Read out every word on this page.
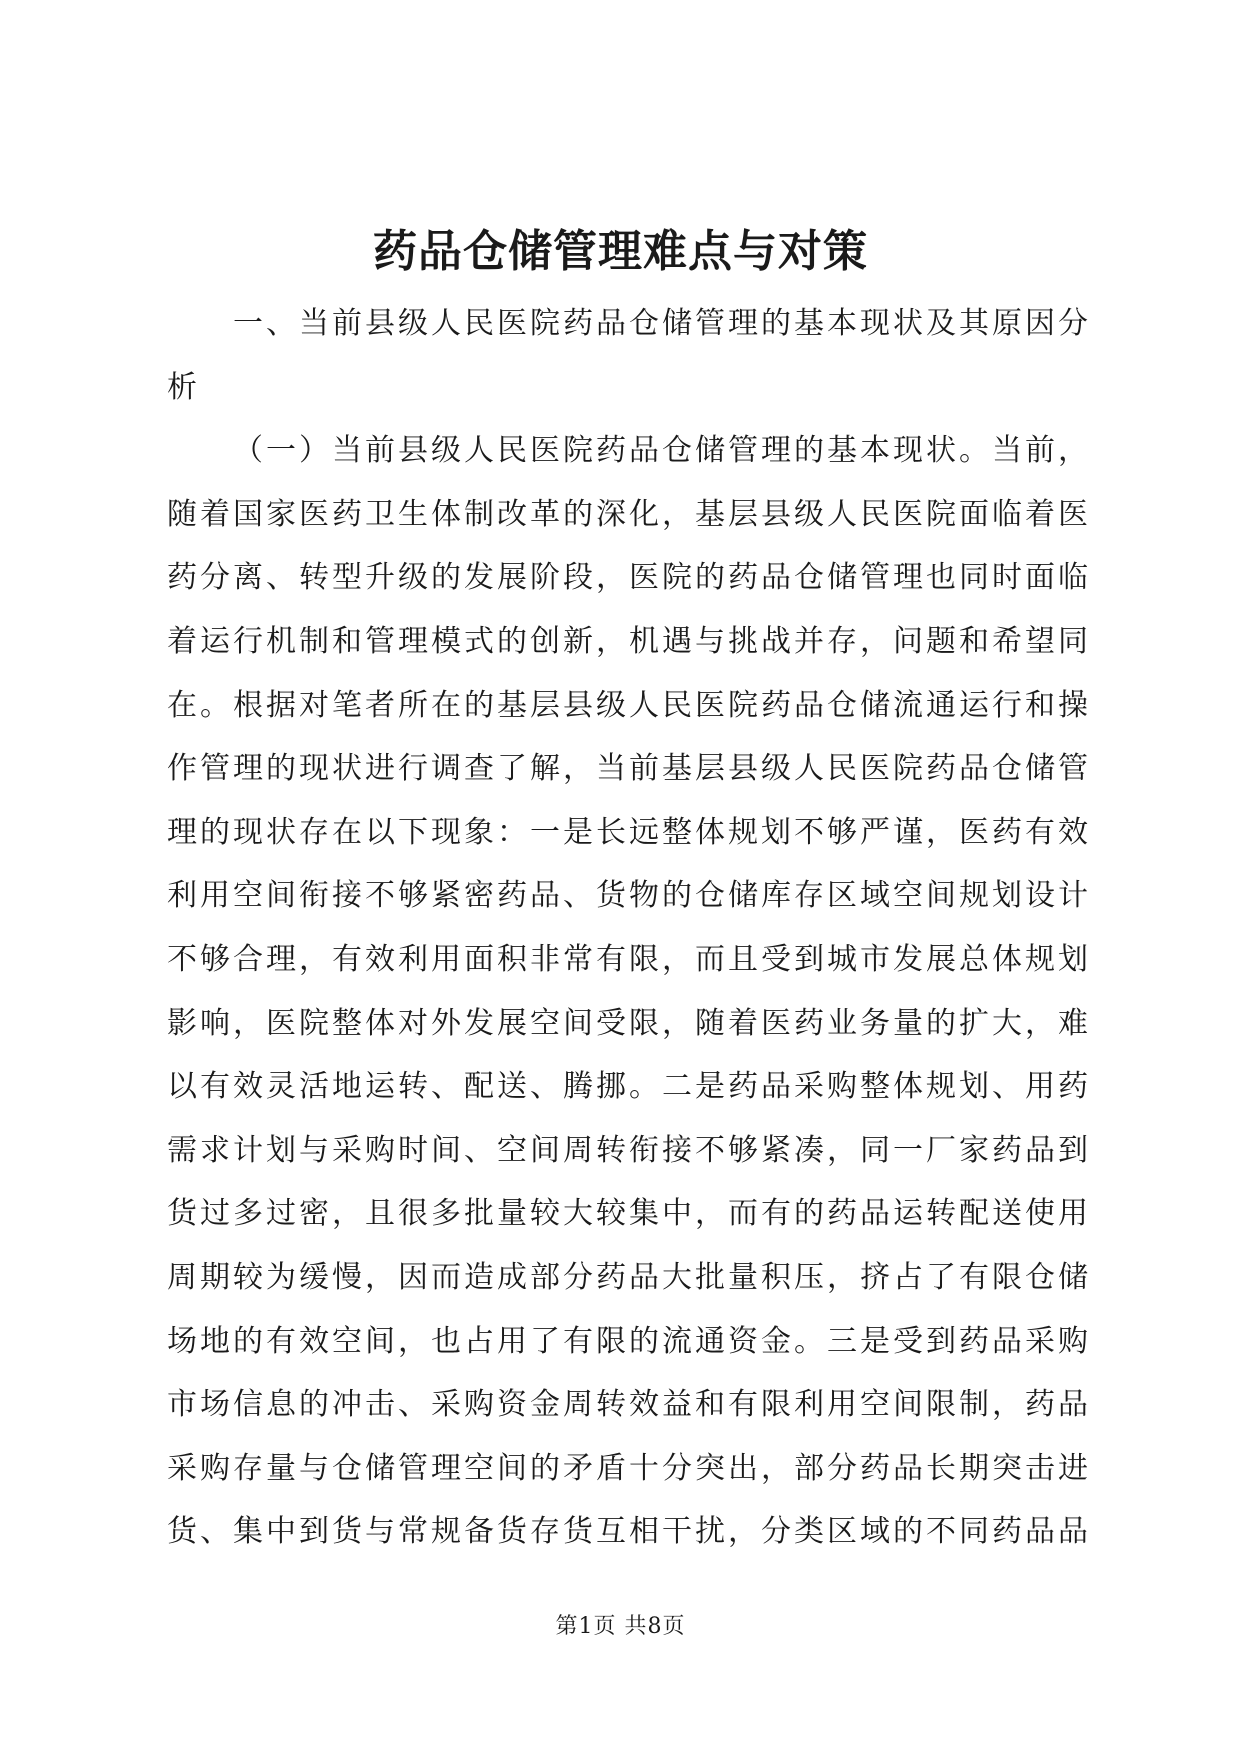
药品仓储管理难点与对策

一、当前县级人民医院药品仓储管理的基本现状及其原因分

析

（一）当前县级人民医院药品仓储管理的基本现状。当前，

随着国家医药卫生体制改革的深化，基层县级人民医院面临着医

药分离、转型升级的发展阶段，医院的药品仓储管理也同时面临

着运行机制和管理模式的创新，机遇与挑战并存，问题和希望同

在。根据对笔者所在的基层县级人民医院药品仓储流通运行和操

作管理的现状进行调查了解，当前基层县级人民医院药品仓储管

理的现状存在以下现象：一是长远整体规划不够严谨，医药有效

利用空间衔接不够紧密药品、货物的仓储库存区域空间规划设计

不够合理，有效利用面积非常有限，而且受到城市发展总体规划

影响，医院整体对外发展空间受限，随着医药业务量的扩大，难

以有效灵活地运转、配送、腾挪。二是药品采购整体规划、用药

需求计划与采购时间、空间周转衔接不够紧凑，同一厂家药品到

货过多过密，且很多批量较大较集中，而有的药品运转配送使用

周期较为缓慢，因而造成部分药品大批量积压，挤占了有限仓储

场地的有效空间，也占用了有限的流通资金。三是受到药品采购

市场信息的冲击、采购资金周转效益和有限利用空间限制，药品

采购存量与仓储管理空间的矛盾十分突出，部分药品长期突击进

货、集中到货与常规备货存货互相干扰，分类区域的不同药品品

第1页 共8页
